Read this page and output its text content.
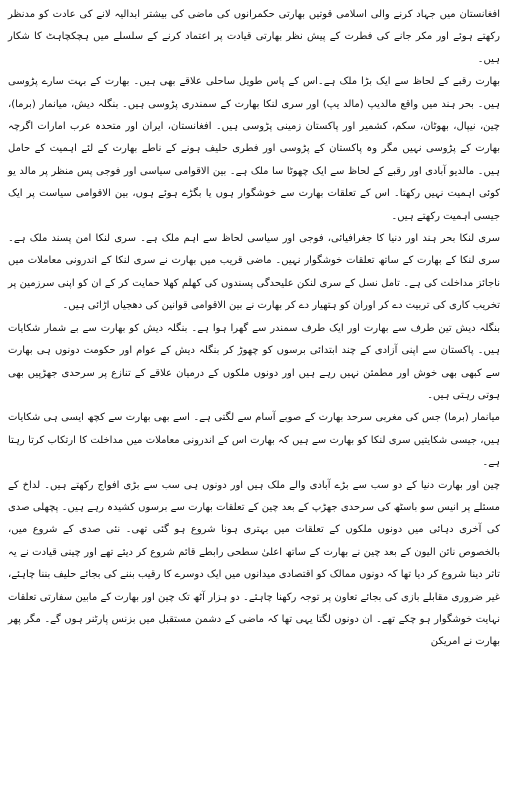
افغانستان میں جہاد کرنے والی اسلامی قوتیں بھارتی حکمرانوں کی ماضی کی بیشتر ابدالیہ لانے کی عادت کو مدنظر رکھتے ہوئے اور مکر جانے کی فطرت کے پیش نظر بھارتی قیادت پر اعتماد کرنے کے سلسلے میں ہچکچاہٹ کا شکار ہیں۔

بھارت رقبے کے لحاظ سے ایک بڑا ملک ہے۔اس کے پاس طویل ساحلی علاقے بھی ہیں۔ بھارت کے بہت سارے پڑوسی ہیں۔ بحر ہند میں واقع مالدیپ (مالد یپ) اور سری لنکا بھارت کے سمندری پڑوسی ہیں۔ بنگلہ دیش، میانمار (برما)، چین، نیپال، بھوٹان، سکم، کشمیر اور پاکستان زمینی پڑوسی ہیں۔ افغانستان، ایران اور متحدہ عرب امارات اگرچہ بھارت کے پڑوسی نہیں مگر وہ پاکستان کے پڑوسی اور فطری حلیف ہونے کے ناطے بھارت کے لئے اہمیت کے حامل ہیں۔ مالدیو آبادی اور رقبے کے لحاظ سے ایک چھوٹا سا ملک ہے۔ بین الاقوامی سیاسی اور فوجی پس منظر پر مالد یو کوئی اہمیت نہیں رکھتا۔ اس کے تعلقات بھارت سے خوشگوار ہوں یا بگڑے ہوئے ہوں، بین الاقوامی سیاست پر ایک جیسی اہمیت رکھتے ہیں۔

سری لنکا بحر ہند اور دنیا کا جغرافیائی، فوجی اور سیاسی لحاظ سے اہم ملک ہے۔ سری لنکا امن پسند ملک ہے۔ سری لنکا کے بھارت کے ساتھ تعلقات خوشگوار نہیں۔ ماضی قریب میں بھارت نے سری لنکا کے اندرونی معاملات میں ناجائز مداخلت کی ہے۔ تامل نسل کے سری لنکن علیحدگی پسندوں کی کھلم کھلا حمایت کر کے ان کو اپنی سرزمین پر تخریب کاری کی تربیت دے کر اوران کو ہتھیار دے کر بھارت نے بین الاقوامی قوانین کی دھجیاں اڑائی ہیں۔

بنگلہ دیش تین طرف سے بھارت اور ایک طرف سمندر سے گھرا ہوا ہے۔ بنگلہ دیش کو بھارت سے بے شمار شکایات ہیں۔ پاکستان سے اپنی آزادی کے چند ابتدائی برسوں کو چھوڑ کر بنگلہ دیش کے عوام اور حکومت دونوں ہی بھارت سے کبھی بھی خوش اور مطمئن نہیں رہے ہیں اور دونوں ملکوں کے درمیان علاقے کے تنازع پر سرحدی جھڑپیں بھی ہوتی رہتی ہیں۔

میانمار (برما) جس کی مغربی سرحد بھارت کے صوبے آسام سے لگتی ہے۔ اسے بھی بھارت سے کچھ ایسی ہی شکایات ہیں، جیسی شکایتیں سری لنکا کو بھارت سے ہیں کہ بھارت اس کے اندرونی معاملات میں مداخلت کا ارتکاب کرتا رہتا ہے۔

چین اور بھارت دنیا کے دو سب سے بڑے آبادی والے ملک ہیں اور دونوں ہی سب سے بڑی افواج رکھتے ہیں۔ لداخ کے مسئلے پر انیس سو باسٹھ کی سرحدی جھڑپ کے بعد چین کے تعلقات بھارت سے برسوں کشیدہ رہے ہیں۔ پچھلی صدی کی آخری دہائی میں دونوں ملکوں کے تعلقات میں بہتری ہونا شروع ہو گئی تھی۔ نئی صدی کے شروع میں، بالخصوص نائن الیون کے بعد چین نے بھارت کے ساتھ اعلیٰ سطحی رابطے قائم شروع کر دیئے تھے اور چینی قیادت نے یہ تاثر دینا شروع کر دیا تھا کہ دونوں ممالک کو اقتصادی میدانوں میں ایک دوسرے کا رقیب بننے کی بجائے حلیف بننا چاہئے، غیر ضروری مقابلے بازی کی بجائے تعاون پر توجہ رکھنا چاہئے۔ دو ہزار آٹھ تک چین اور بھارت کے مابین سفارتی تعلقات نہایت خوشگوار ہو چکے تھے۔ ان دونوں لگتا یہی تھا کہ ماضی کے دشمن مستقبل میں بزنس پارٹنر ہوں گے۔ مگر پھر بھارت نے امریکن
